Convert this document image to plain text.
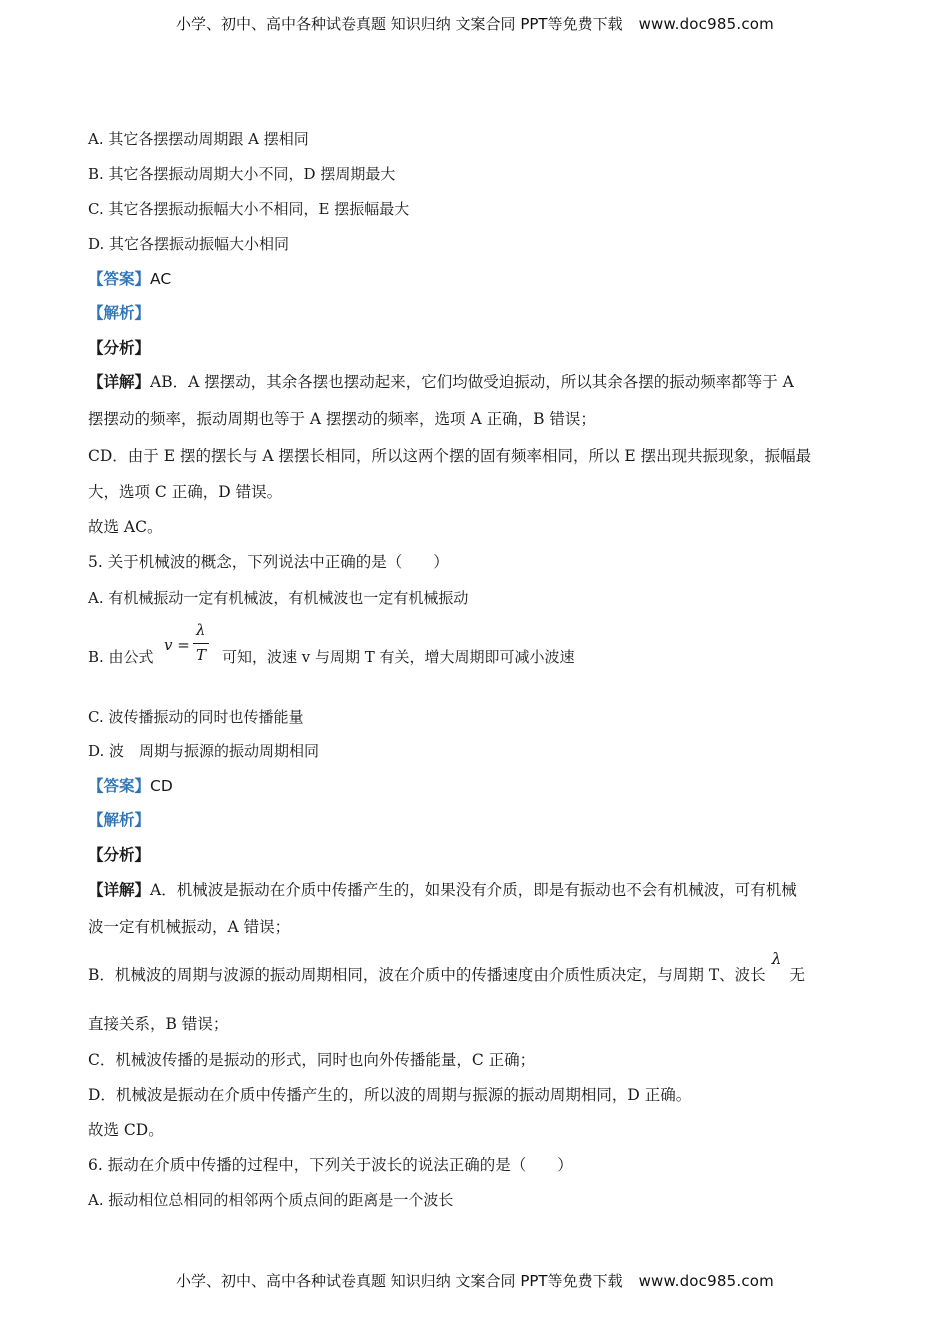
小学、初中、高中各种试卷真题 知识归纳 文案合同 PPT等免费下载 www.doc985.com
A. 其它各摆摆动周期跟 A 摆相同
B. 其它各摆振动周期大小不同，D 摆周期最大
C. 其它各摆振动振幅大小不相同，E 摆振幅最大
D. 其它各摆振动振幅大小相同
【答案】AC
【解析】
【分析】
【详解】AB．A 摆摆动，其余各摆也摆动起来，它们均做受迫振动，所以其余各摆的振动频率都等于 A
摆摆动的频率，振动周期也等于 A 摆摆动的频率，选项 A 正确，B 错误；
CD．由于 E 摆的摆长与 A 摆摆长相同，所以这两个摆的固有频率相同，所以 E 摆出现共振现象，振幅最
大，选项 C 正确，D 错误。
故选 AC。
5. 关于机械波的概念，下列说法中正确的是（　　）
A. 有机械振动一定有机械波，有机械波也一定有机械振动
B. 由公式
v =
λ
T 可知，波速 v 与周期 T 有关，增大周期即可减小波速
C. 波传播振动的同时也传播能量
D. 波　周期与振源的振动周期相同
【答案】CD
【解析】
【分析】
【详解】A．机械波是振动在介质中传播产生的，如果没有介质，即是有振动也不会有机械波，可有机械
波一定有机械振动，A 错误；
B．机械波的周期与波源的振动周期相同，波在介质中的传播速度由介质性质决定，与周期 T、波长λ无
直接关系，B 错误；
C．机械波传播的是振动的形式，同时也向外传播能量，C 正确；
D．机械波是振动在介质中传播产生的，所以波的周期与振源的振动周期相同，D 正确。
故选 CD。
6. 振动在介质中传播的过程中，下列关于波长的说法正确的是（　　）
A. 振动相位总相同的相邻两个质点间的距离是一个波长
小学、初中、高中各种试卷真题 知识归纳 文案合同 PPT等免费下载 www.doc985.com
